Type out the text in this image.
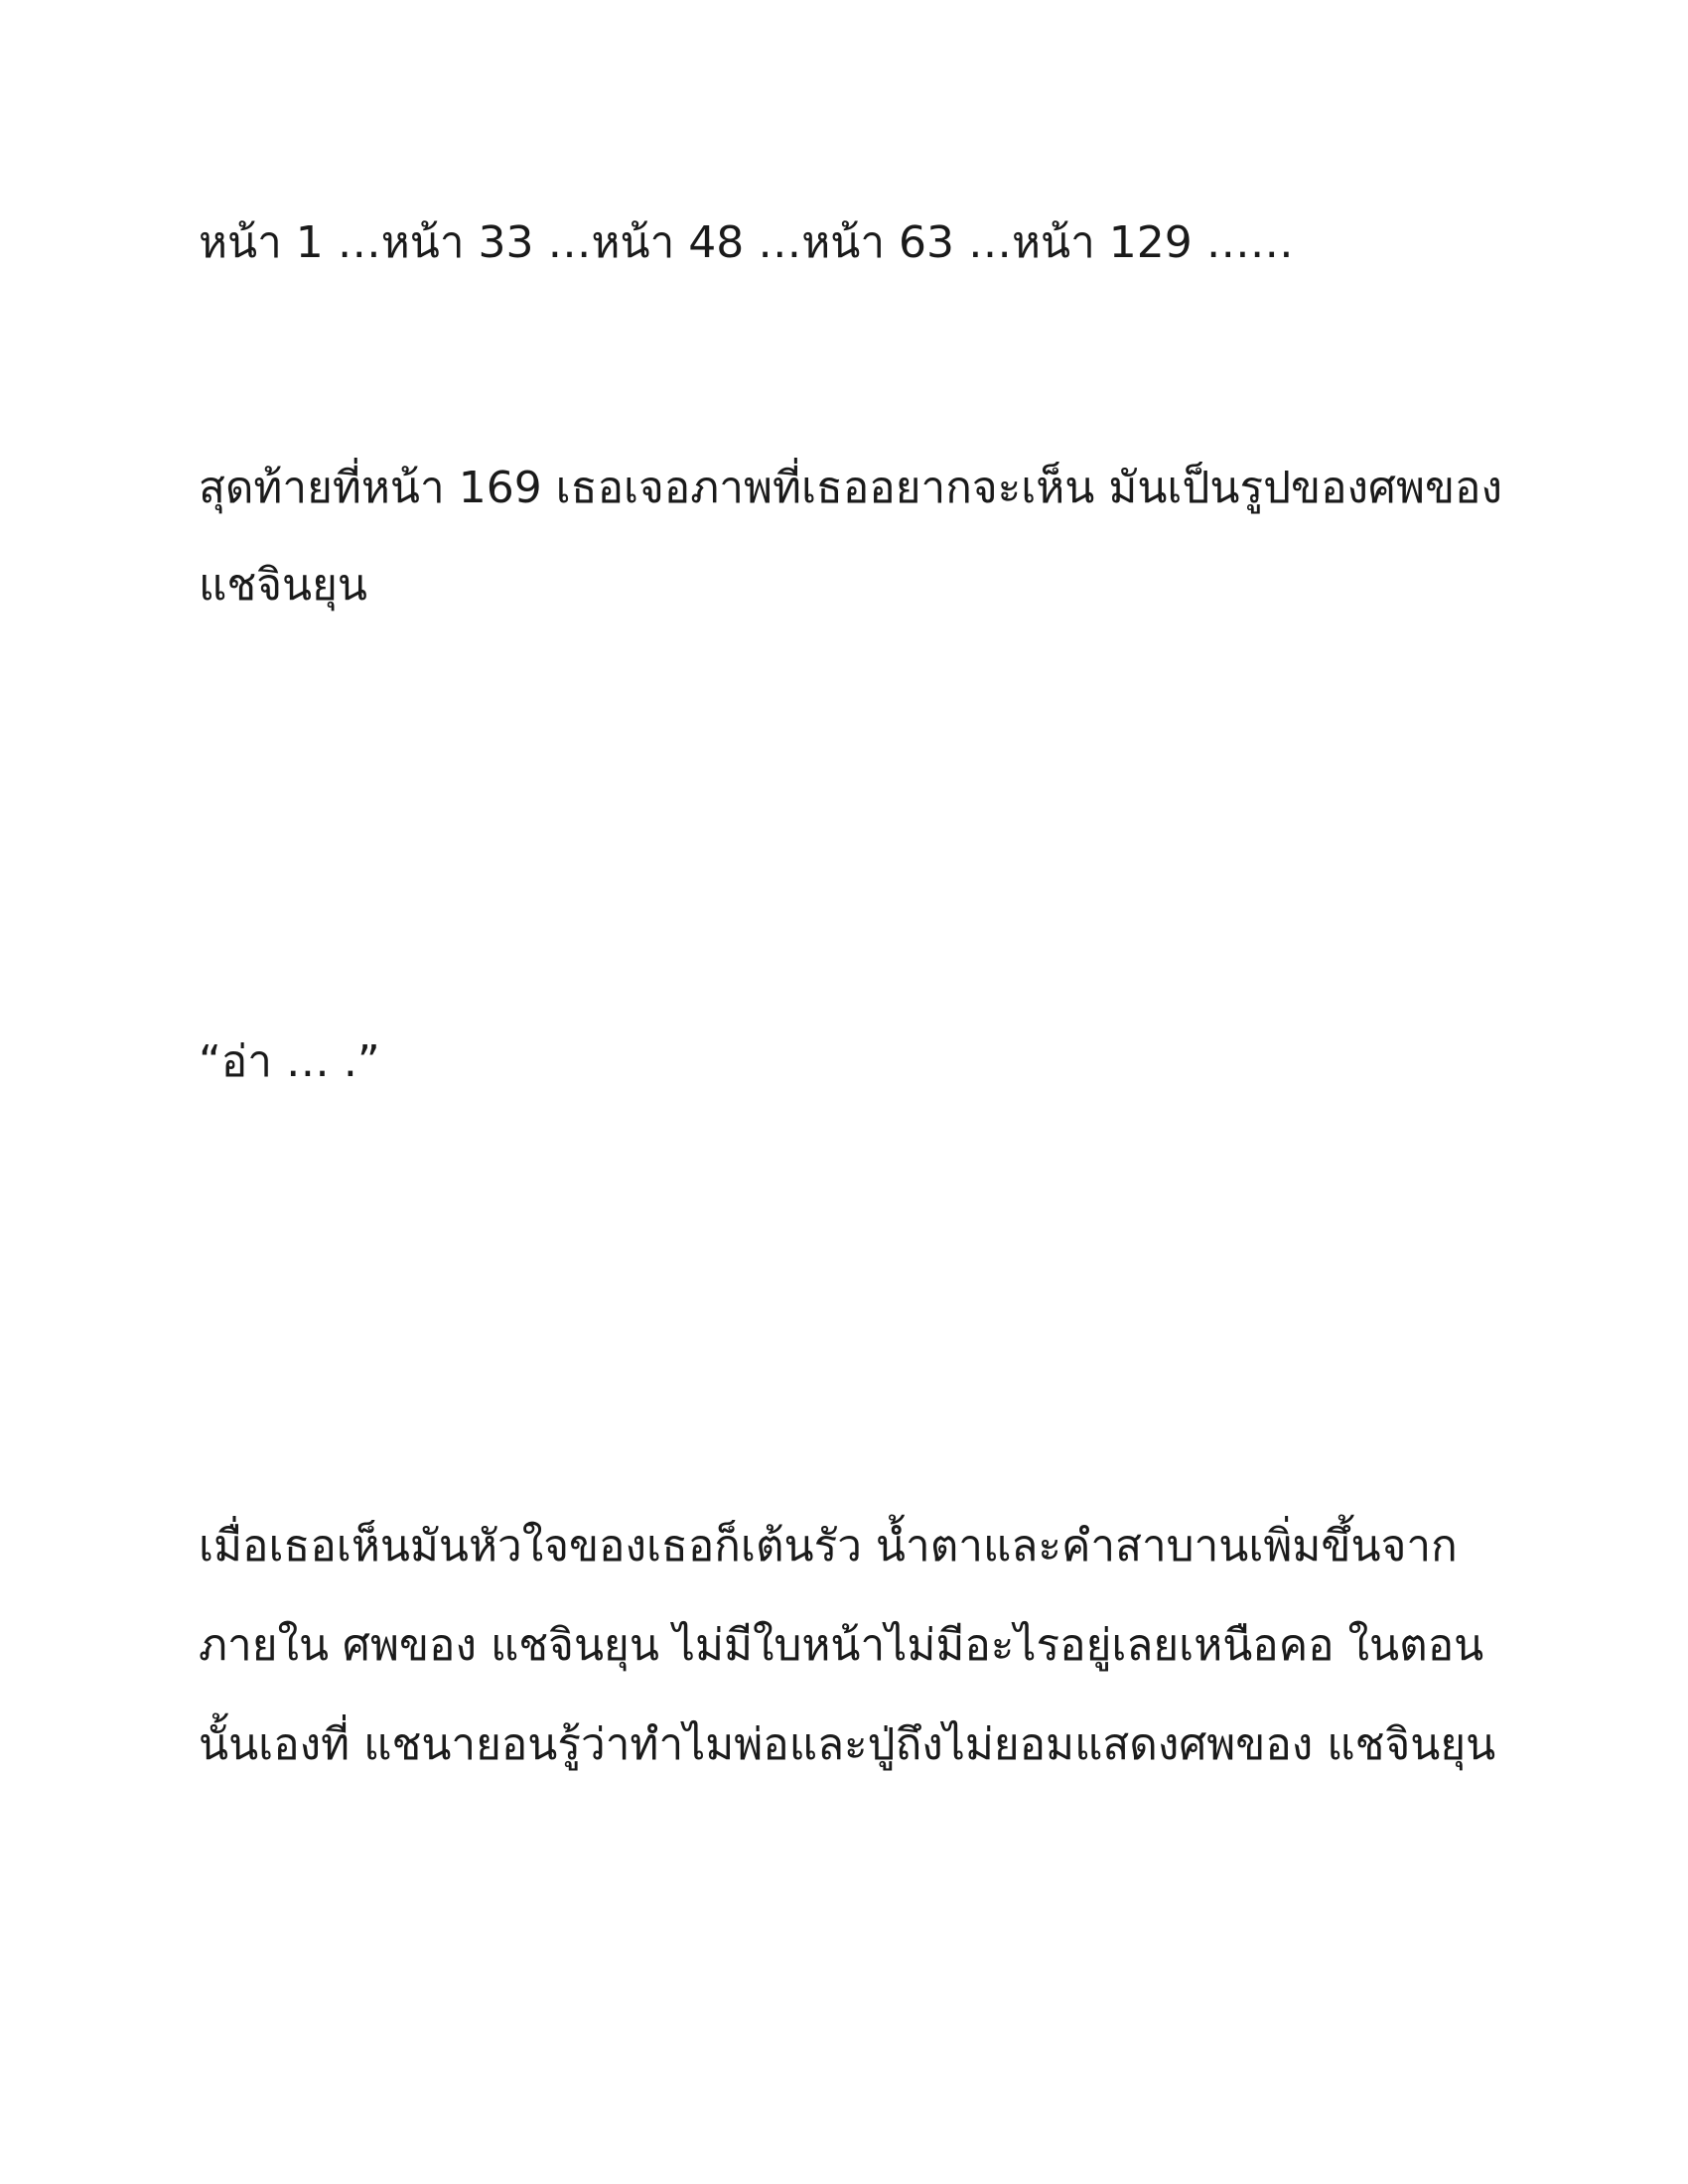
หน้า 1 …หน้า 33 …หน้า 48 …หน้า 63 …หน้า 129 ……

สุดท้ายที่หน้า 169 เธอเจอภาพที่เธออยากจะเห็น มันเป็นรูปของศพของ

แชจินยุน

“อ่า … .”

เมื่อเธอเห็นมันหัวใจของเธอก็เต้นรัว น้ำตาและคำสาบานเพิ่มขึ้นจาก

ภายใน ศพของ แชจินยุน ไม่มีใบหน้าไม่มีอะไรอยู่เลยเหนือคอ ในตอน

นั้นเองที่ แชนายอนรู้ว่าทำไมพ่อและปู่ถึงไม่ยอมแสดงศพของ แชจินยุน
